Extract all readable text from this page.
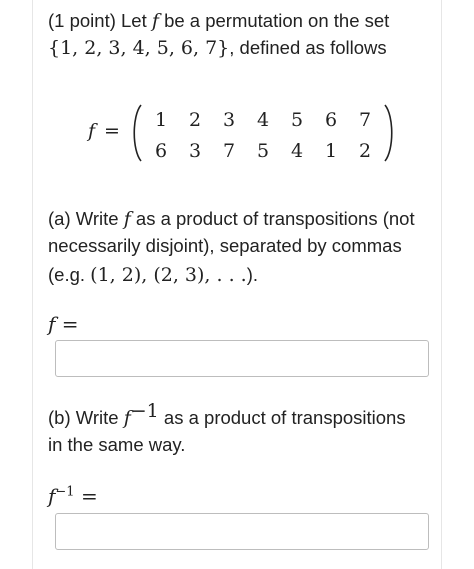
(1 point) Let f be a permutation on the set
{1, 2, 3, 4, 5, 6, 7}, defined as follows
f =
1	2	3	4	5	6	7
6	3	7	5	4	1	2
(a) Write f as a product of transpositions (not
necessarily disjoint), separated by commas
(e.g. (1, 2), (2, 3), . . .).
f =
(b) Write $f^{-1}$ as a product of transpositions
in the same way.
$f^{-1}$ =
